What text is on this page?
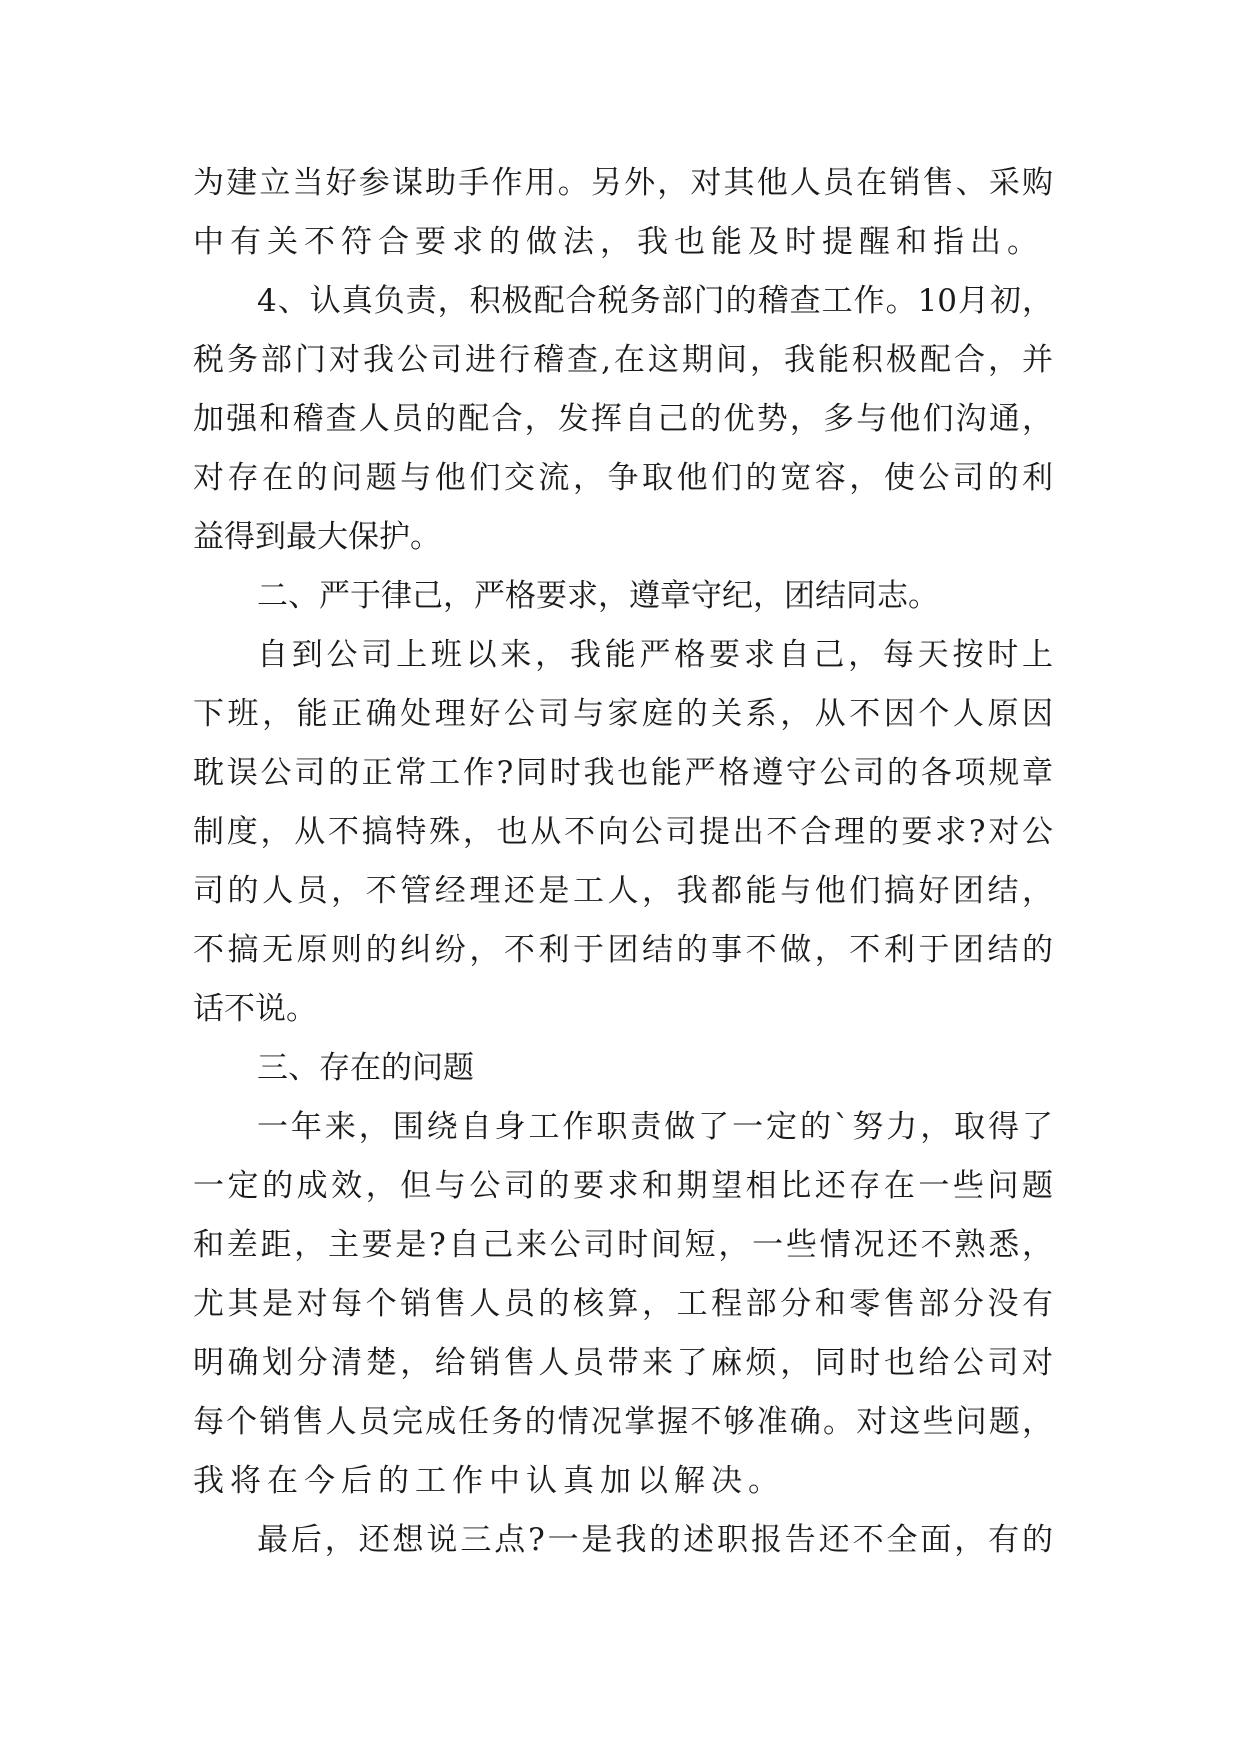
为建立当好参谋助手作用。另外，对其他人员在销售、采购
中有关不符合要求的做法，我也能及时提醒和指出。
4、认真负责，积极配合税务部门的稽查工作。10月初，
税务部门对我公司进行稽查,在这期间，我能积极配合，并
加强和稽查人员的配合，发挥自己的优势，多与他们沟通，
对存在的问题与他们交流，争取他们的宽容，使公司的利
益得到最大保护。
二、严于律己，严格要求，遵章守纪，团结同志。
自到公司上班以来，我能严格要求自己，每天按时上
下班，能正确处理好公司与家庭的关系，从不因个人原因
耽误公司的正常工作?同时我也能严格遵守公司的各项规章
制度，从不搞特殊，也从不向公司提出不合理的要求?对公
司的人员，不管经理还是工人，我都能与他们搞好团结，
不搞无原则的纠纷，不利于团结的事不做，不利于团结的
话不说。
三、存在的问题
一年来，围绕自身工作职责做了一定的`努力，取得了
一定的成效，但与公司的要求和期望相比还存在一些问题
和差距，主要是?自己来公司时间短，一些情况还不熟悉，
尤其是对每个销售人员的核算，工程部分和零售部分没有
明确划分清楚，给销售人员带来了麻烦，同时也给公司对
每个销售人员完成任务的情况掌握不够准确。对这些问题，
我将在今后的工作中认真加以解决。
最后，还想说三点?一是我的述职报告还不全面，有的
